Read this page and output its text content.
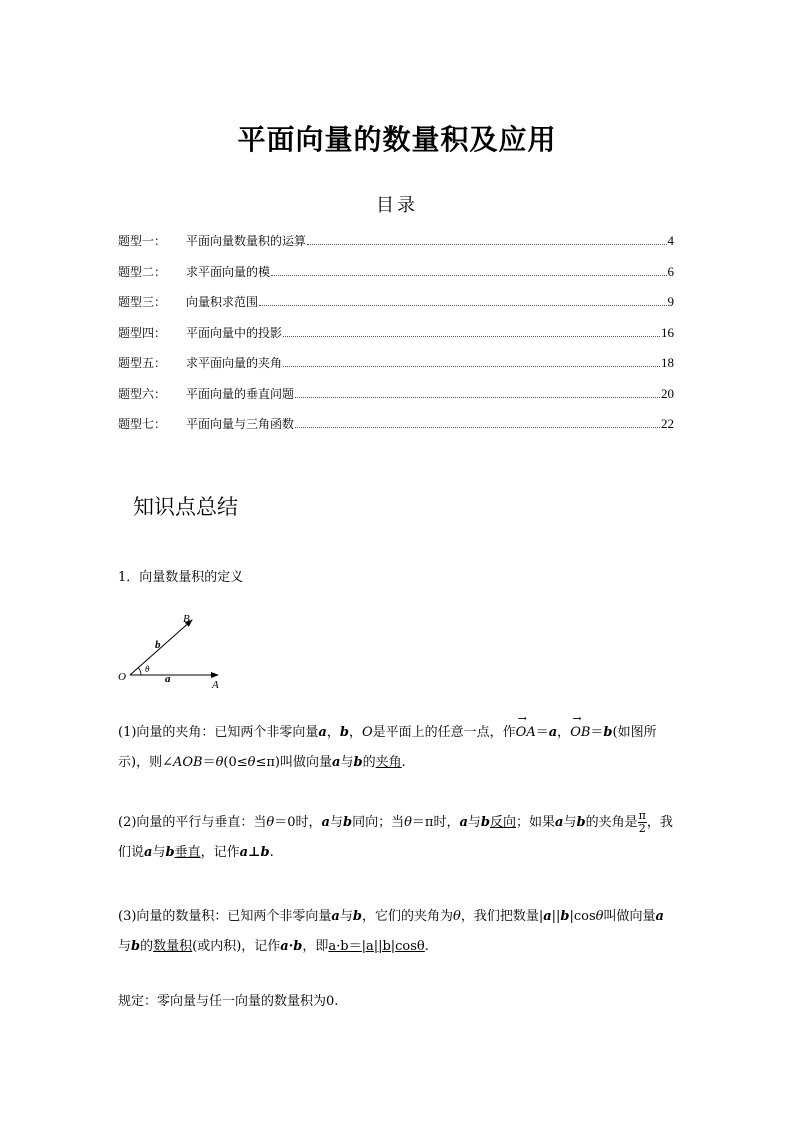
平面向量的数量积及应用
目录
题型一： 平面向量数量积的运算	4
题型二： 求平面向量的模	6
题型三： 向量积求范围	9
题型四： 平面向量中的投影	16
题型五： 求平面向量的夹角	18
题型六： 平面向量的垂直问题	20
题型七： 平面向量与三角函数	22
知识点总结
1．向量数量积的定义
O
A
B
a
b
θ
(1)向量的夹角：已知两个非零向量a，b，O是平面上的任意一点，作→ OA＝a，→ OB＝b(如图所示)，则∠AOB＝θ(0≤θ≤π)叫做向量a与b的夹角.
(2)向量的平行与垂直：当θ＝0时，a与b同向；当θ＝π时，a与b反向；如果a与b的夹角是 $\frac{\pi}{2}$ ，我们说a与b垂直，记作a⊥b.
(3)向量的数量积：已知两个非零向量a与b，它们的夹角为θ，我们把数量|a||b|cosθ叫做向量a与b的数量积(或内积)，记作a·b，即a·b＝|a||b|cosθ.
规定：零向量与任一向量的数量积为0.
